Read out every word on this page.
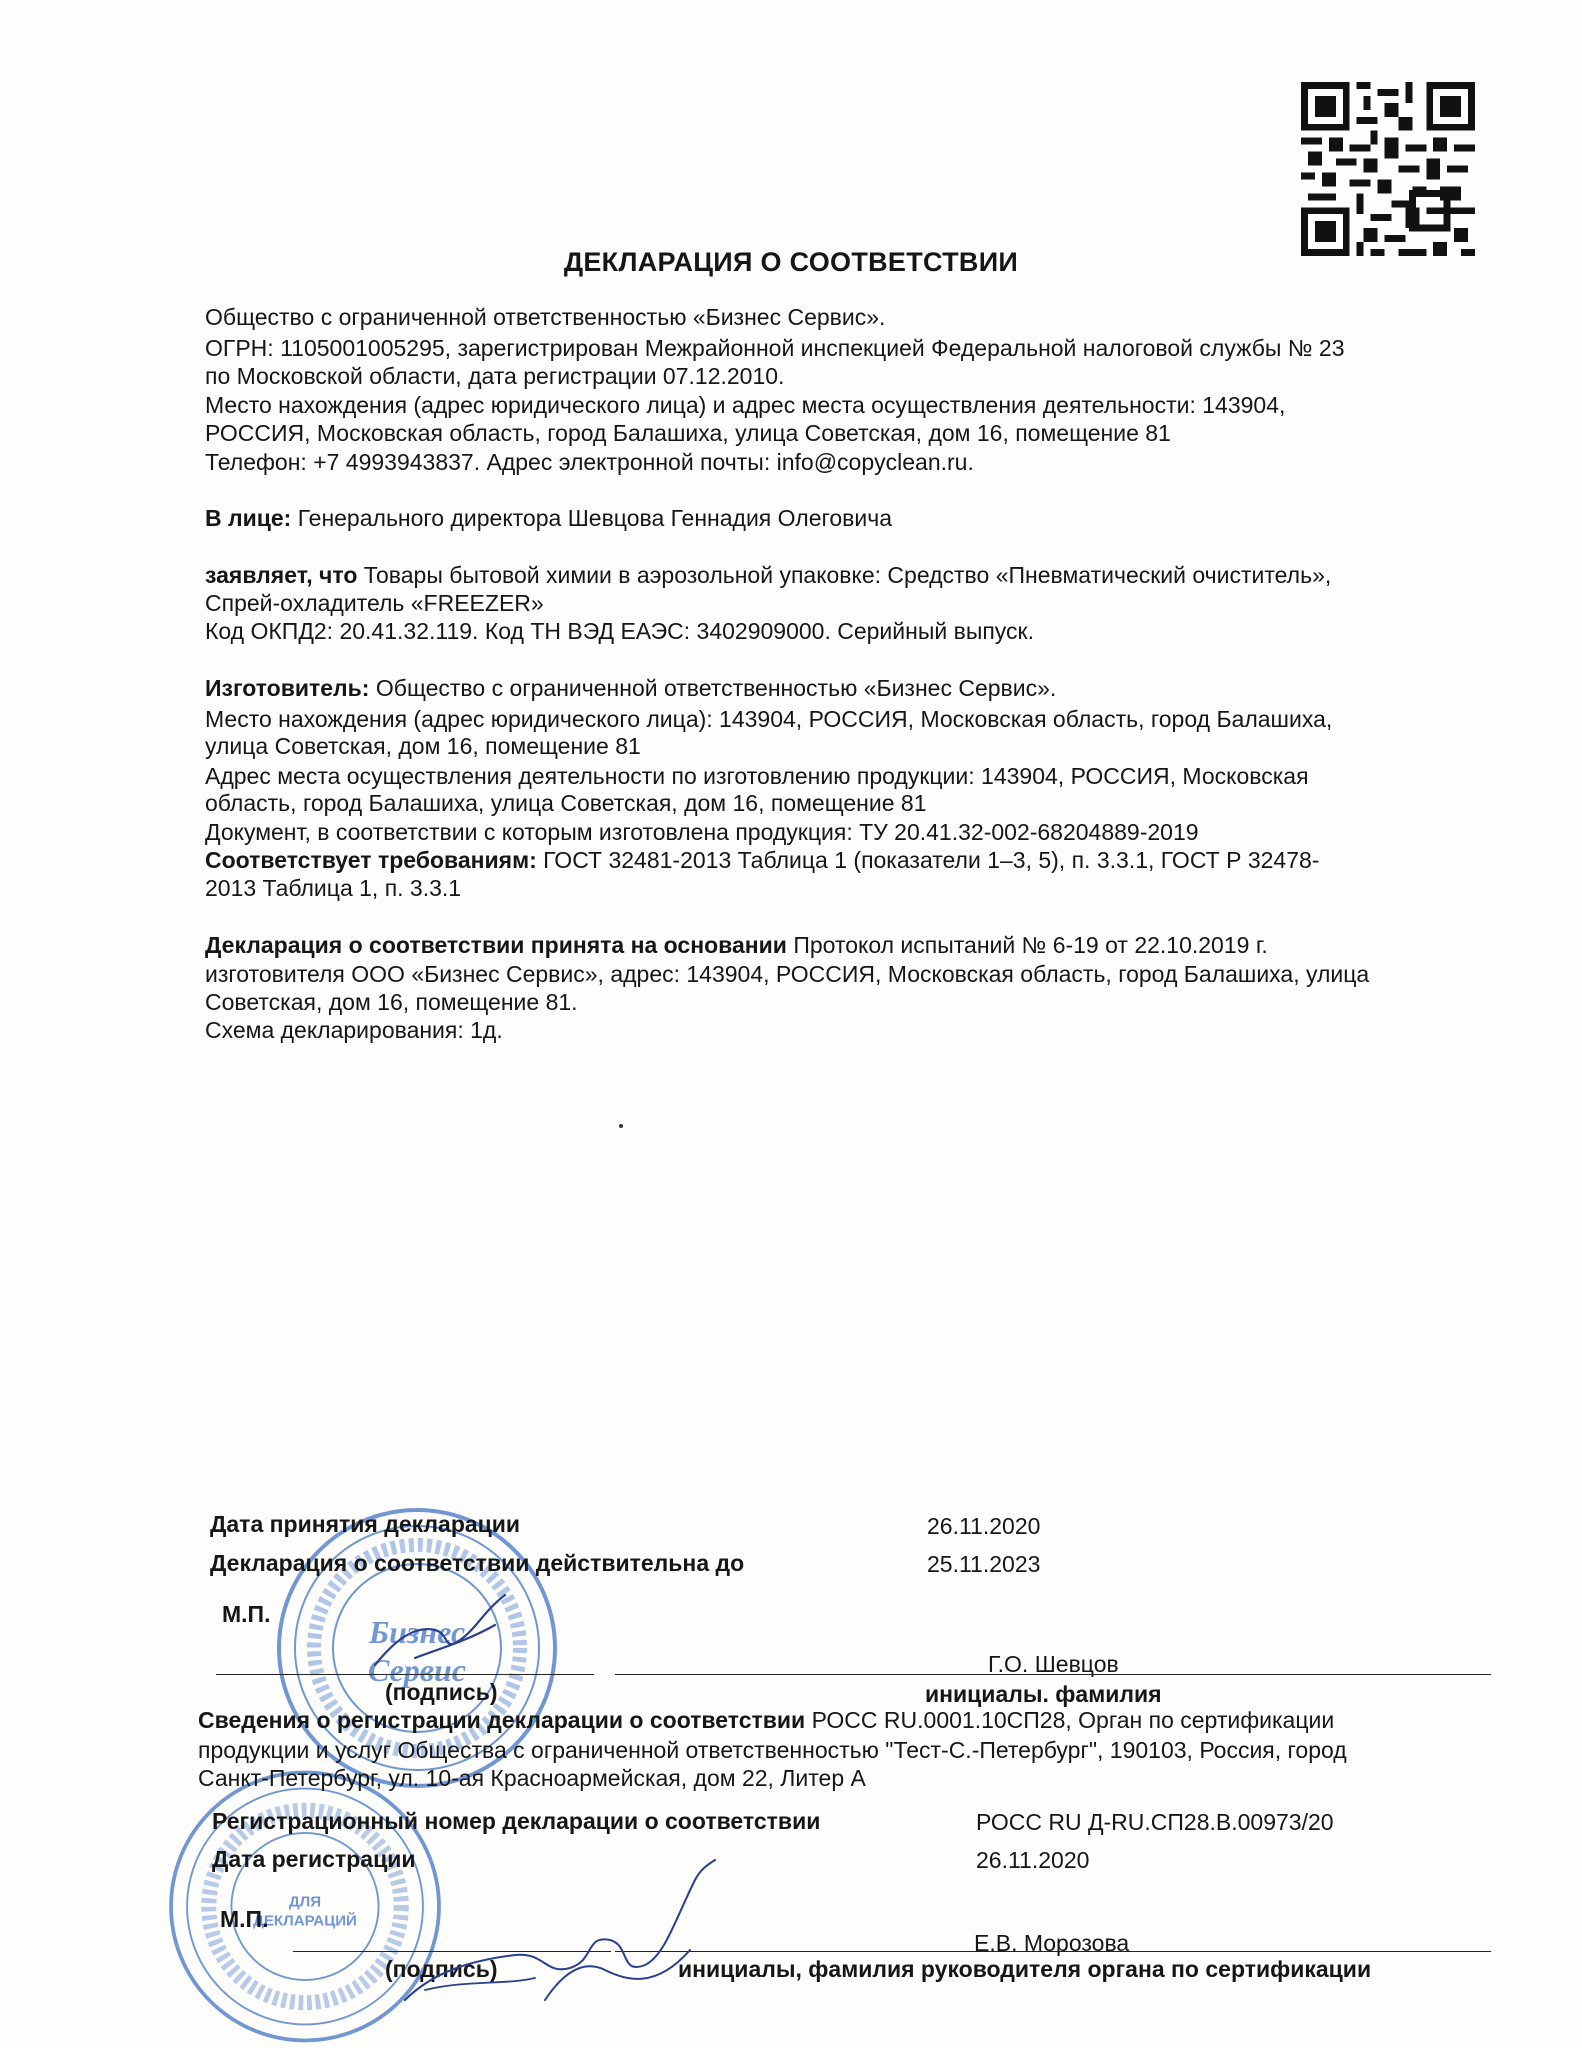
ДЕКЛАРАЦИЯ О СООТВЕТСТВИИ
Общество с ограниченной ответственностью «Бизнес Сервис».
ОГРН: 1105001005295, зарегистрирован Межрайонной инспекцией Федеральной налоговой службы № 23
по Московской области, дата регистрации 07.12.2010.
Место нахождения (адрес юридического лица) и адрес места осуществления деятельности: 143904,
РОССИЯ, Московская область, город Балашиха, улица Советская, дом 16, помещение 81
Телефон: +7 4993943837. Адрес электронной почты: info@copyclean.ru.
В лице: Генерального директора Шевцова Геннадия Олеговича
заявляет, что Товары бытовой химии в аэрозольной упаковке: Средство «Пневматический очиститель»,
Спрей-охладитель «FREEZER»
Код ОКПД2: 20.41.32.119. Код ТН ВЭД ЕАЭС: 3402909000. Серийный выпуск.
Изготовитель: Общество с ограниченной ответственностью «Бизнес Сервис».
Место нахождения (адрес юридического лица): 143904, РОССИЯ, Московская область, город Балашиха,
улица Советская, дом 16, помещение 81
Адрес места осуществления деятельности по изготовлению продукции: 143904, РОССИЯ, Московская
область, город Балашиха, улица Советская, дом 16, помещение 81
Документ, в соответствии с которым изготовлена продукция: ТУ 20.41.32-002-68204889-2019
Соответствует требованиям: ГОСТ 32481-2013 Таблица 1 (показатели 1–3, 5), п. 3.3.1, ГОСТ Р 32478-
2013 Таблица 1, п. 3.3.1
Декларация о соответствии принята на основании Протокол испытаний № 6-19 от 22.10.2019 г.
изготовителя ООО «Бизнес Сервис», адрес: 143904, РОССИЯ, Московская область, город Балашиха, улица
Советская, дом 16, помещение 81.
Схема декларирования: 1д.
Бизнес
Сервис
ДЛЯ
ДЕКЛАРАЦИЙ
Дата принятия декларации	26.11.2020
Декларация о соответствии действительна до	25.11.2023
М.П.
Г.О. Шевцов
(подпись)	инициалы. фамилия
Сведения о регистрации декларации о соответствии РОСС RU.0001.10СП28, Орган по сертификации
продукции и услуг Общества с ограниченной ответственностью "Тест-С.-Петербург", 190103, Россия, город
Санкт-Петербург, ул. 10-ая Красноармейская, дом 22, Литер А
Регистрационный номер декларации о соответствии	РОСС RU Д-RU.СП28.В.00973/20
Дата регистрации	26.11.2020
М.П.
Е.В. Морозова
(подпись)	инициалы, фамилия руководителя органа по сертификации
